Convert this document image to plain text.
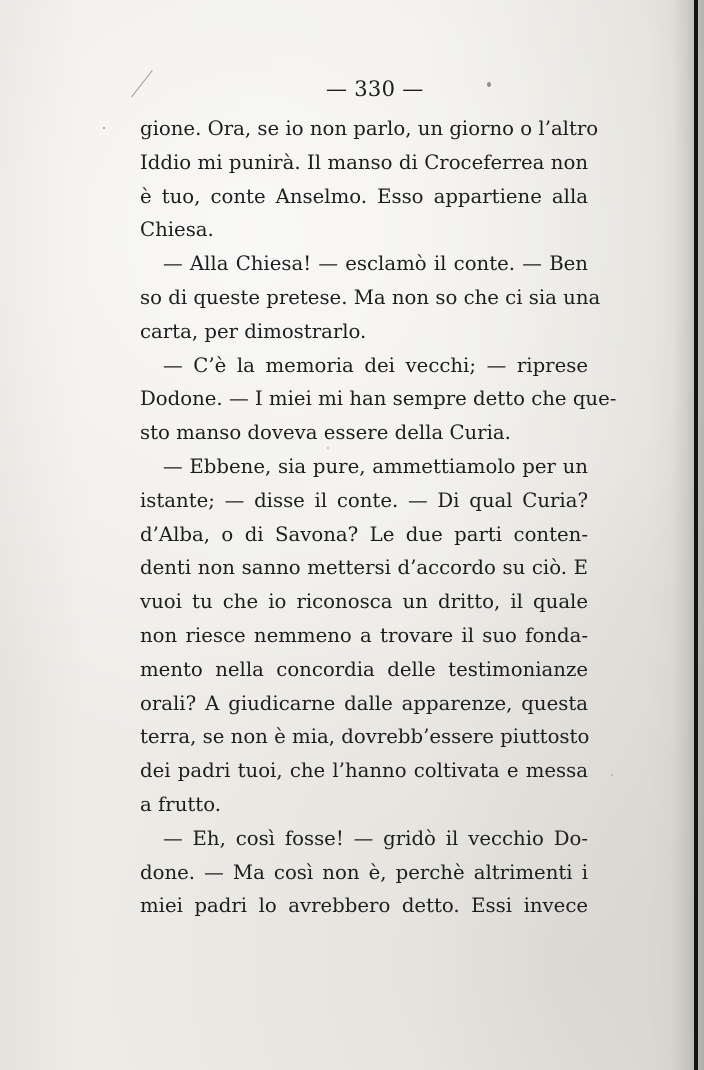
— 330 —
gione. Ora, se io non parlo, un giorno o l’altro
Iddio mi punirà. Il manso di Croceferrea non
è tuo, conte Anselmo. Esso appartiene alla
Chiesa.
— Alla Chiesa! — esclamò il conte. — Ben
so di queste pretese. Ma non so che ci sia una
carta, per dimostrarlo.
— C’è la memoria dei vecchi; — riprese
Dodone. — I miei mi han sempre detto che que-
sto manso doveva essere della Curia.
— Ebbene, sia pure, ammettiamolo per un
istante; — disse il conte. — Di qual Curia?
d’Alba, o di Savona? Le due parti conten-
denti non sanno mettersi d’accordo su ciò. E
vuoi tu che io riconosca un dritto, il quale
non riesce nemmeno a trovare il suo fonda-
mento nella concordia delle testimonianze
orali? A giudicarne dalle apparenze, questa
terra, se non è mia, dovrebb’essere piuttosto
dei padri tuoi, che l’hanno coltivata e messa
a frutto.
— Eh, così fosse! — gridò il vecchio Do-
done. — Ma così non è, perchè altrimenti i
miei padri lo avrebbero detto. Essi invece
